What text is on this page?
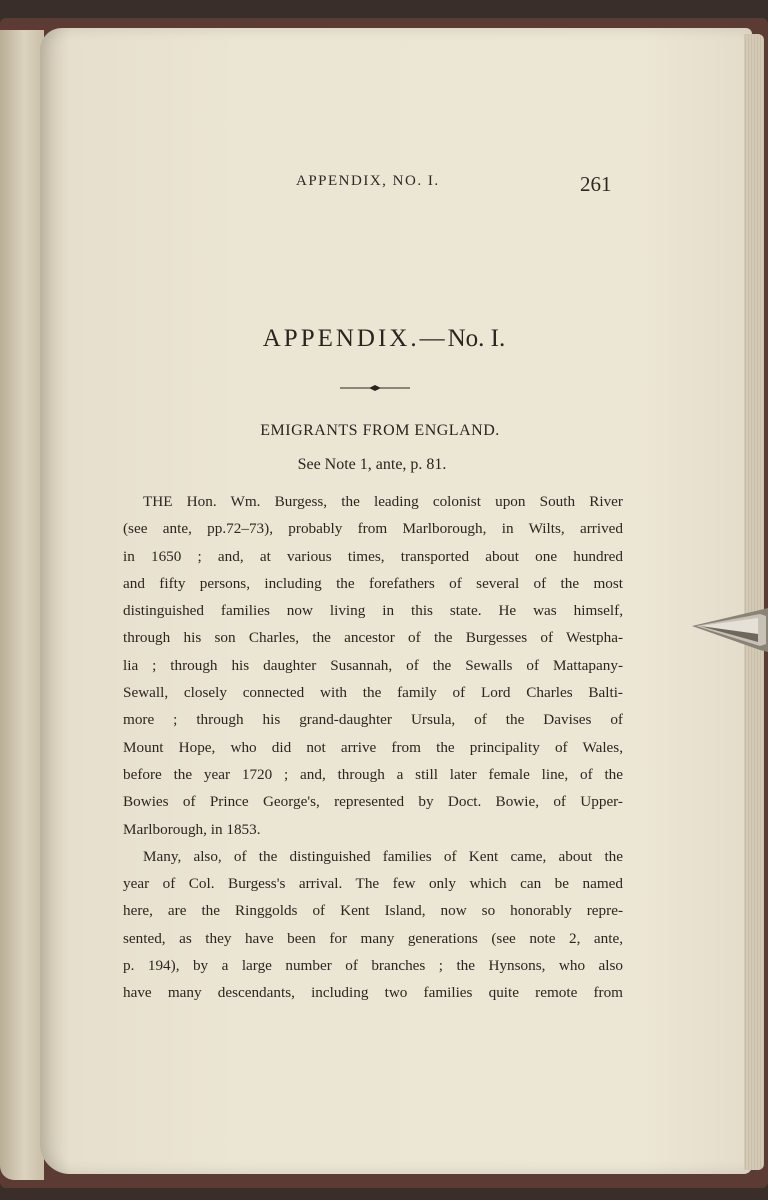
APPENDIX, NO. I.	261
APPENDIX.—No. I.
EMIGRANTS FROM ENGLAND.
See Note 1, ante, p. 81.
THE Hon. Wm. Burgess, the leading colonist upon South River
(see ante, pp.72–73), probably from Marlborough, in Wilts, arrived
in 1650 ; and, at various times, transported about one hundred
and fifty persons, including the forefathers of several of the most
distinguished families now living in this state. He was himself,
through his son Charles, the ancestor of the Burgesses of Westpha-
lia ; through his daughter Susannah, of the Sewalls of Mattapany-
Sewall, closely connected with the family of Lord Charles Balti-
more ; through his grand-daughter Ursula, of the Davises of
Mount Hope, who did not arrive from the principality of Wales,
before the year 1720 ; and, through a still later female line, of the
Bowies of Prince George's, represented by Doct. Bowie, of Upper-
Marlborough, in 1853.
Many, also, of the distinguished families of Kent came, about the
year of Col. Burgess's arrival. The few only which can be named
here, are the Ringgolds of Kent Island, now so honorably repre-
sented, as they have been for many generations (see note 2, ante,
p. 194), by a large number of branches ; the Hynsons, who also
have many descendants, including two families quite remote from
